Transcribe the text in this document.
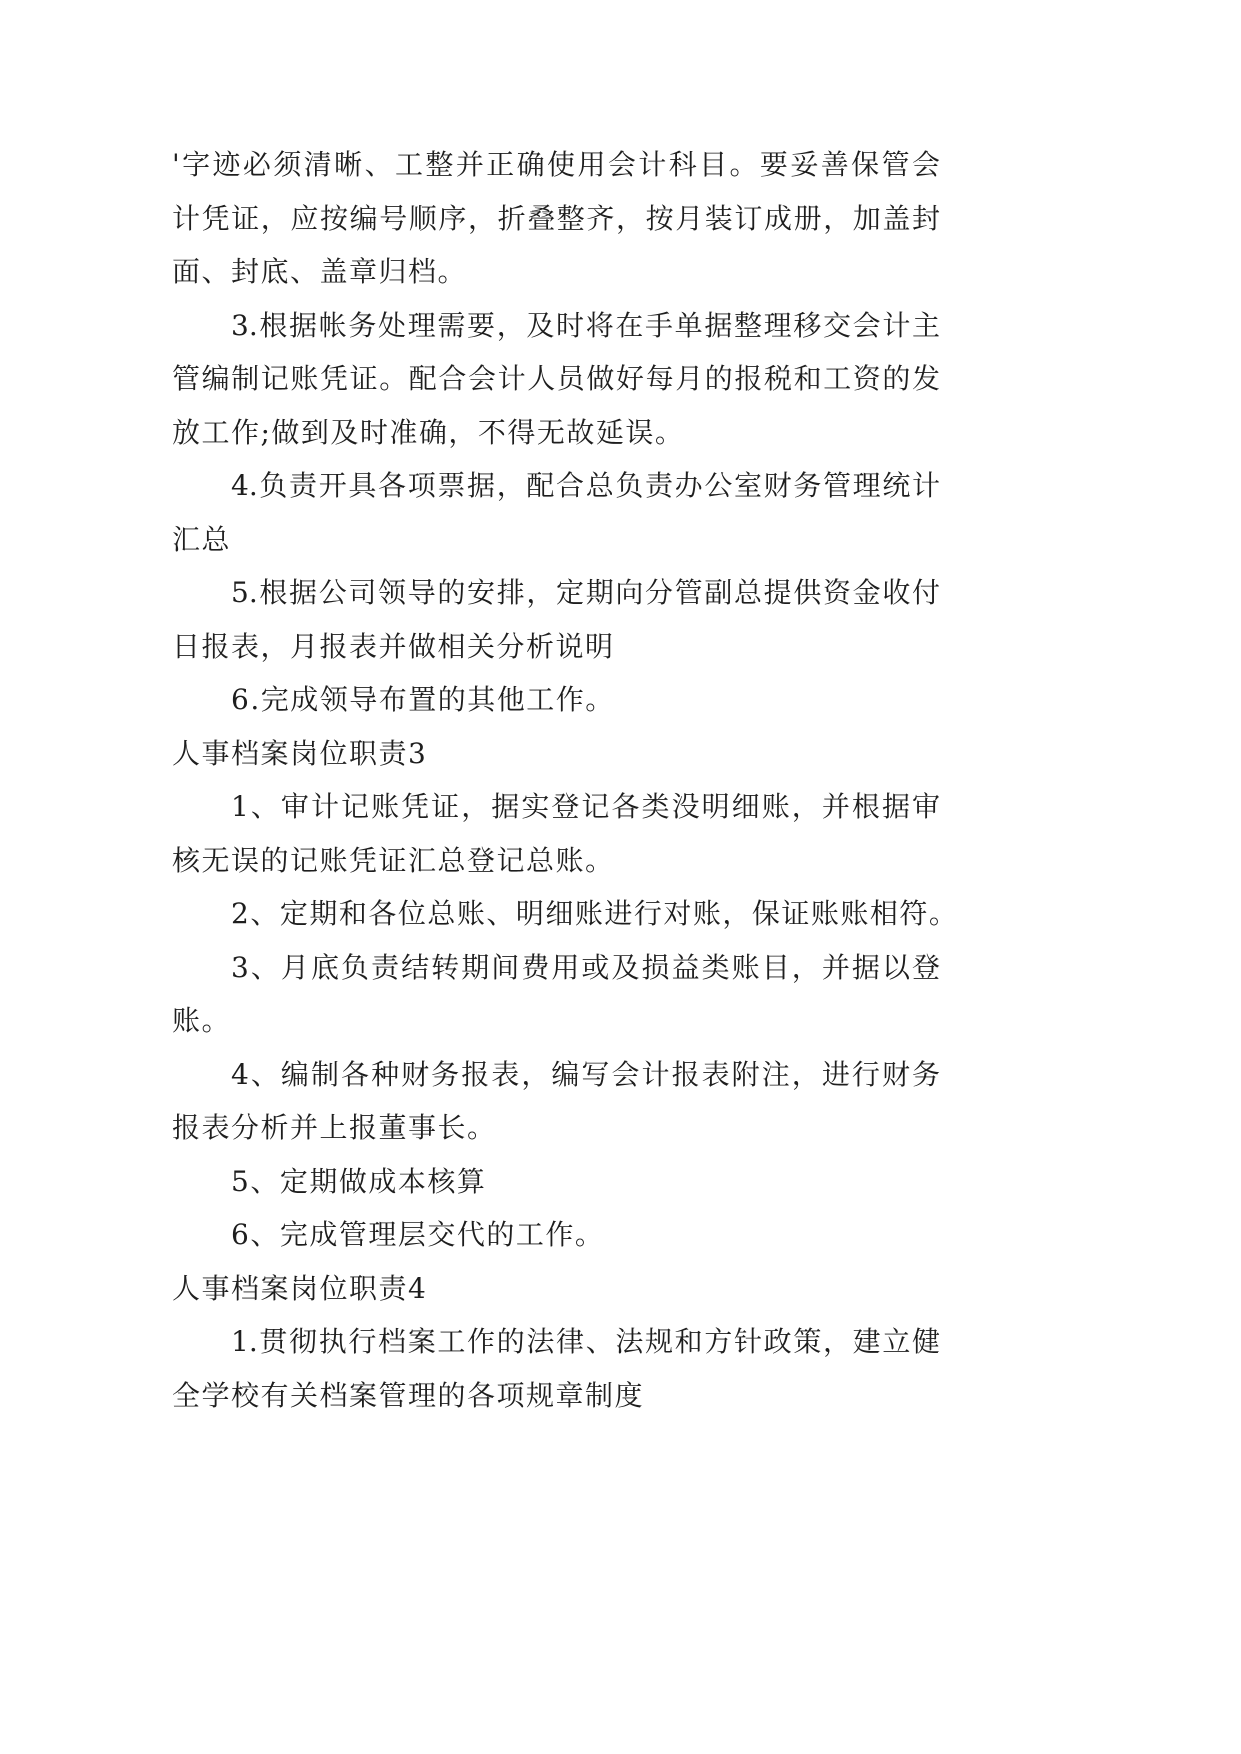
'字迹必须清晰、工整并正确使用会计科目。要妥善保管会
计凭证，应按编号顺序，折叠整齐，按月装订成册，加盖封
面、封底、盖章归档。
3.根据帐务处理需要，及时将在手单据整理移交会计主
管编制记账凭证。配合会计人员做好每月的报税和工资的发
放工作;做到及时准确，不得无故延误。
4.负责开具各项票据，配合总负责办公室财务管理统计
汇总
5.根据公司领导的安排，定期向分管副总提供资金收付
日报表，月报表并做相关分析说明
6.完成领导布置的其他工作。
人事档案岗位职责3
1、审计记账凭证，据实登记各类没明细账，并根据审
核无误的记账凭证汇总登记总账。
2、定期和各位总账、明细账进行对账，保证账账相符。
3、月底负责结转期间费用或及损益类账目，并据以登
账。
4、编制各种财务报表，编写会计报表附注，进行财务
报表分析并上报董事长。
5、定期做成本核算
6、完成管理层交代的工作。
人事档案岗位职责4
1.贯彻执行档案工作的法律、法规和方针政策，建立健
全学校有关档案管理的各项规章制度
